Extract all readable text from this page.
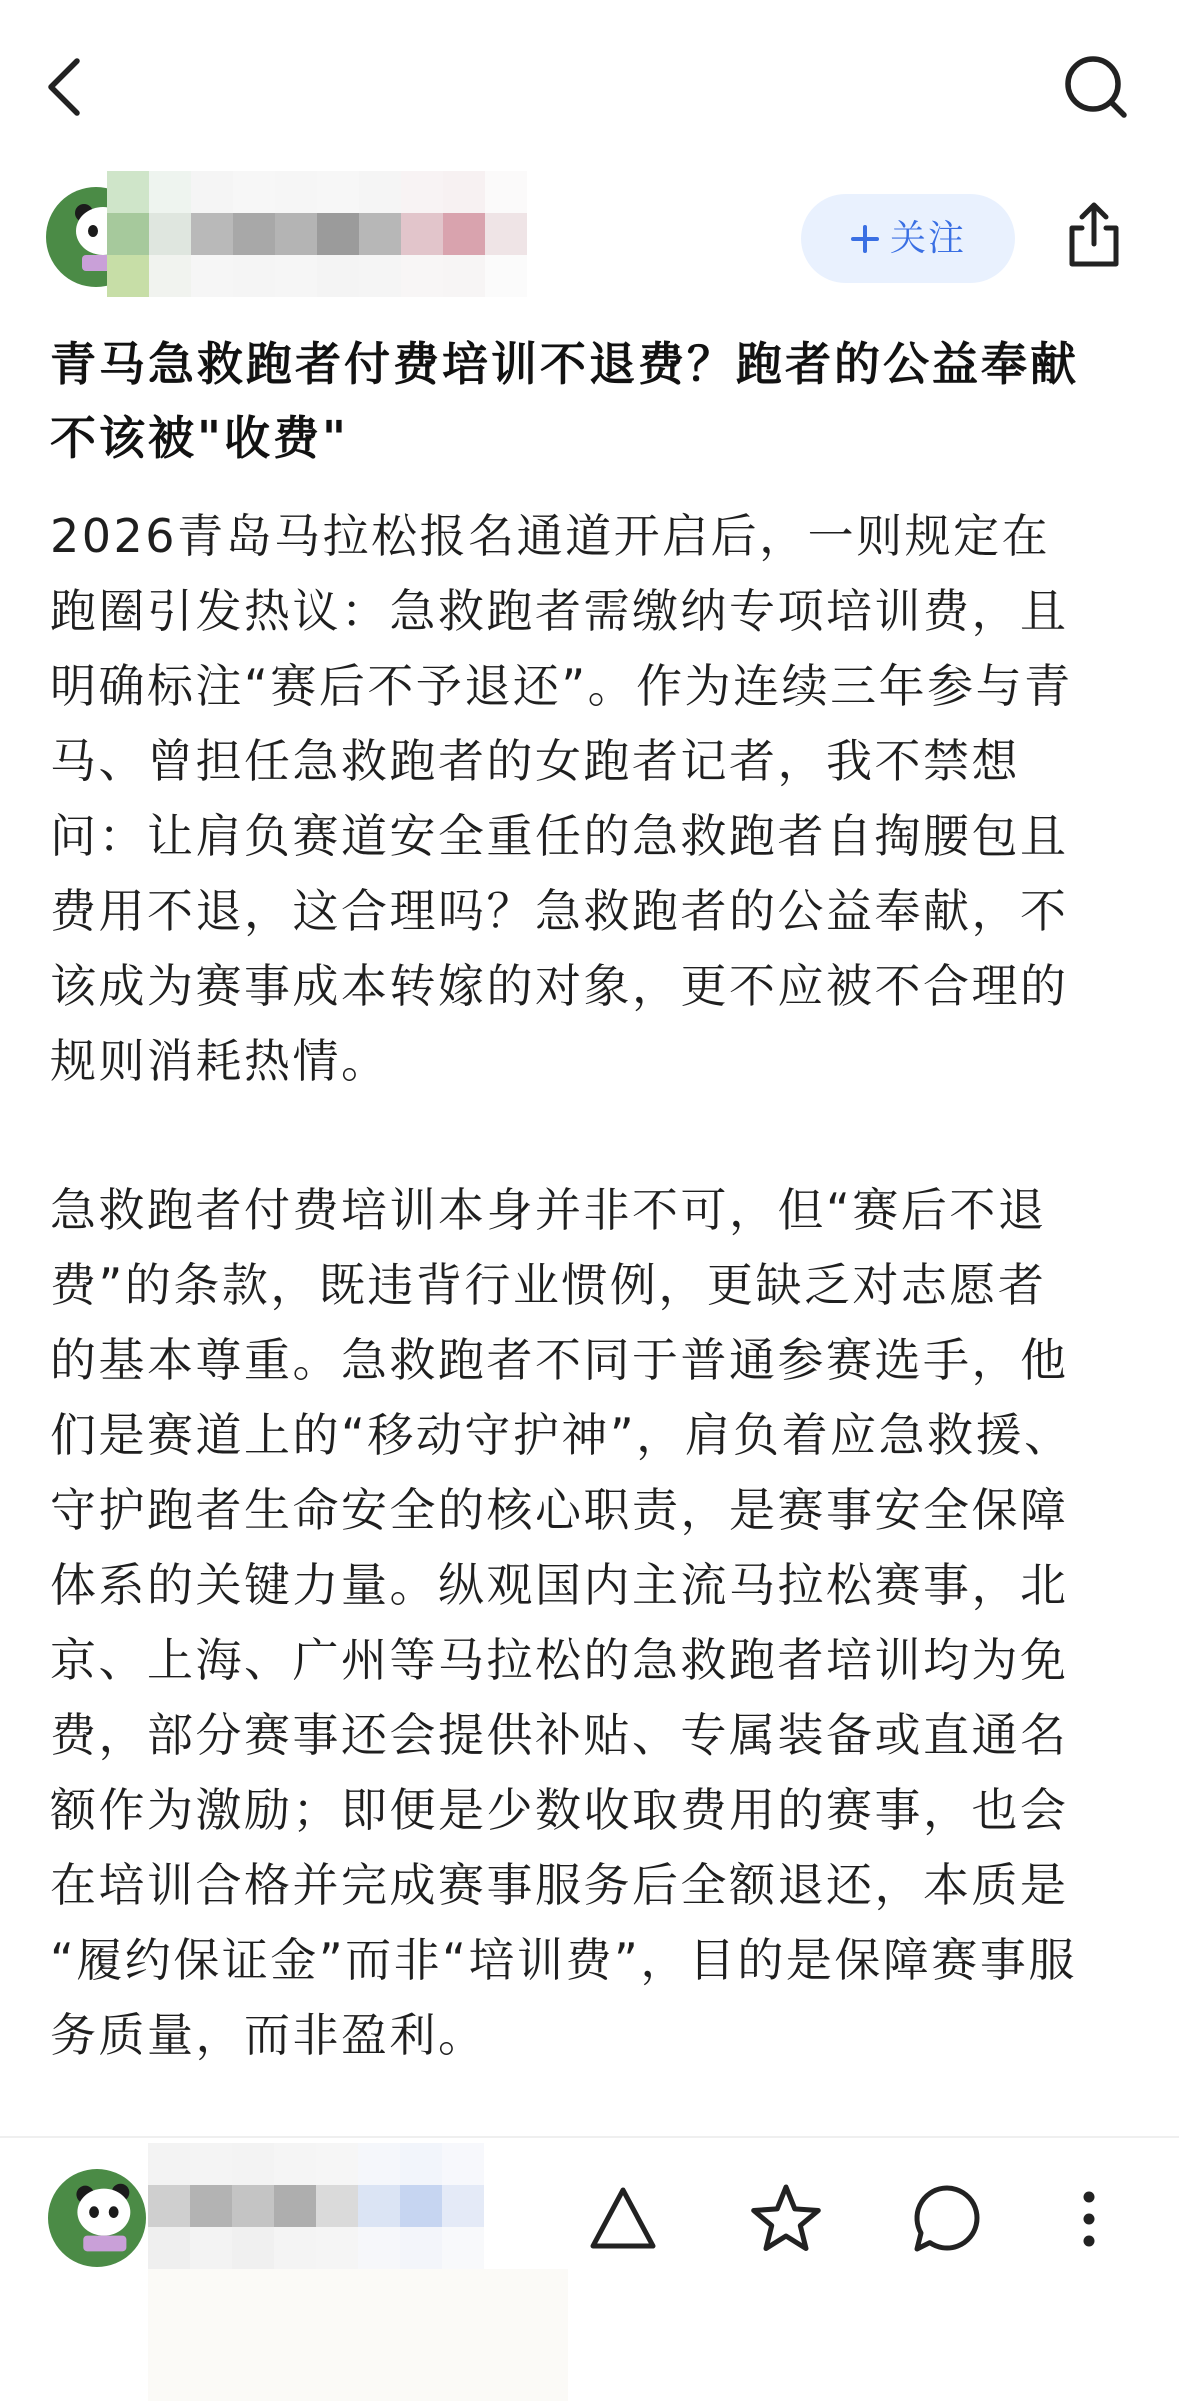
关注
青马急救跑者付费培训不退费？跑者的公益奉献
不该被"收费"
2026青岛马拉松报名通道开启后，一则规定在
跑圈引发热议：急救跑者需缴纳专项培训费，且
明确标注“赛后不予退还”。作为连续三年参与青
马、曾担任急救跑者的女跑者记者，我不禁想
问：让肩负赛道安全重任的急救跑者自掏腰包且
费用不退，这合理吗？急救跑者的公益奉献，不
该成为赛事成本转嫁的对象，更不应被不合理的
规则消耗热情。
急救跑者付费培训本身并非不可，但“赛后不退
费”的条款，既违背行业惯例，更缺乏对志愿者
的基本尊重。急救跑者不同于普通参赛选手，他
们是赛道上的“移动守护神”，肩负着应急救援、
守护跑者生命安全的核心职责，是赛事安全保障
体系的关键力量。纵观国内主流马拉松赛事，北
京、上海、广州等马拉松的急救跑者培训均为免
费，部分赛事还会提供补贴、专属装备或直通名
额作为激励；即便是少数收取费用的赛事，也会
在培训合格并完成赛事服务后全额退还，本质是
“履约保证金”而非“培训费”，目的是保障赛事服
务质量，而非盈利。
